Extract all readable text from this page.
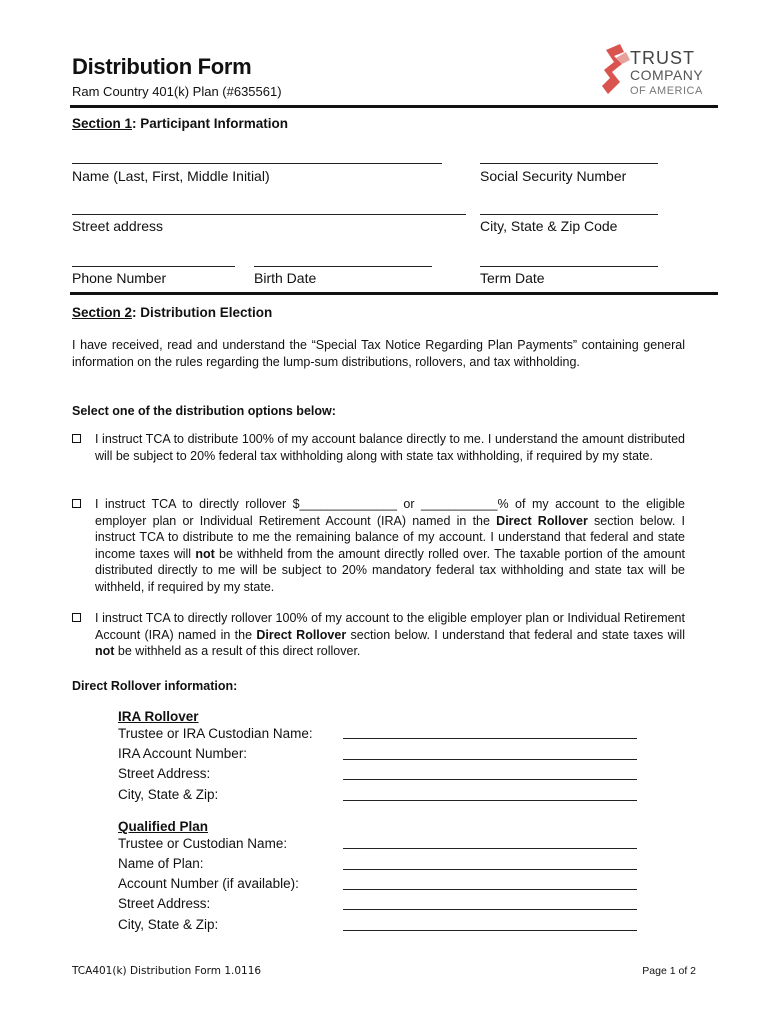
Distribution Form
Ram Country 401(k) Plan (#635561)
TRUST
COMPANY
OF AMERICA
Section 1: Participant Information
Name (Last, First, Middle Initial)	Social Security Number
Street address	City, State & Zip Code
Phone Number	Birth Date	Term Date
Section 2: Distribution Election
I have received, read and understand the “Special Tax Notice Regarding Plan Payments” containing general information on the rules regarding the lump-sum distributions, rollovers, and tax withholding.
Select one of the distribution options below:
I instruct TCA to distribute 100% of my account balance directly to me. I understand the amount distributed will be subject to 20% federal tax withholding along with state tax withholding, if required by my state.
I instruct TCA to directly rollover $______________ or ___________% of my account to the eligible employer plan or Individual Retirement Account (IRA) named in the Direct Rollover section below. I instruct TCA to distribute to me the remaining balance of my account. I understand that federal and state income taxes will not be withheld from the amount directly rolled over. The taxable portion of the amount distributed directly to me will be subject to 20% mandatory federal tax withholding and state tax will be withheld, if required by my state.
I instruct TCA to directly rollover 100% of my account to the eligible employer plan or Individual Retirement Account (IRA) named in the Direct Rollover section below. I understand that federal and state taxes will not be withheld as a result of this direct rollover.
Direct Rollover information:
IRA Rollover
Trustee or IRA Custodian Name:
IRA Account Number:
Street Address:
City, State & Zip:
Qualified Plan
Trustee or Custodian Name:
Name of Plan:
Account Number (if available):
Street Address:
City, State & Zip:
TCA401(k) Distribution Form 1.0116	Page 1 of 2
